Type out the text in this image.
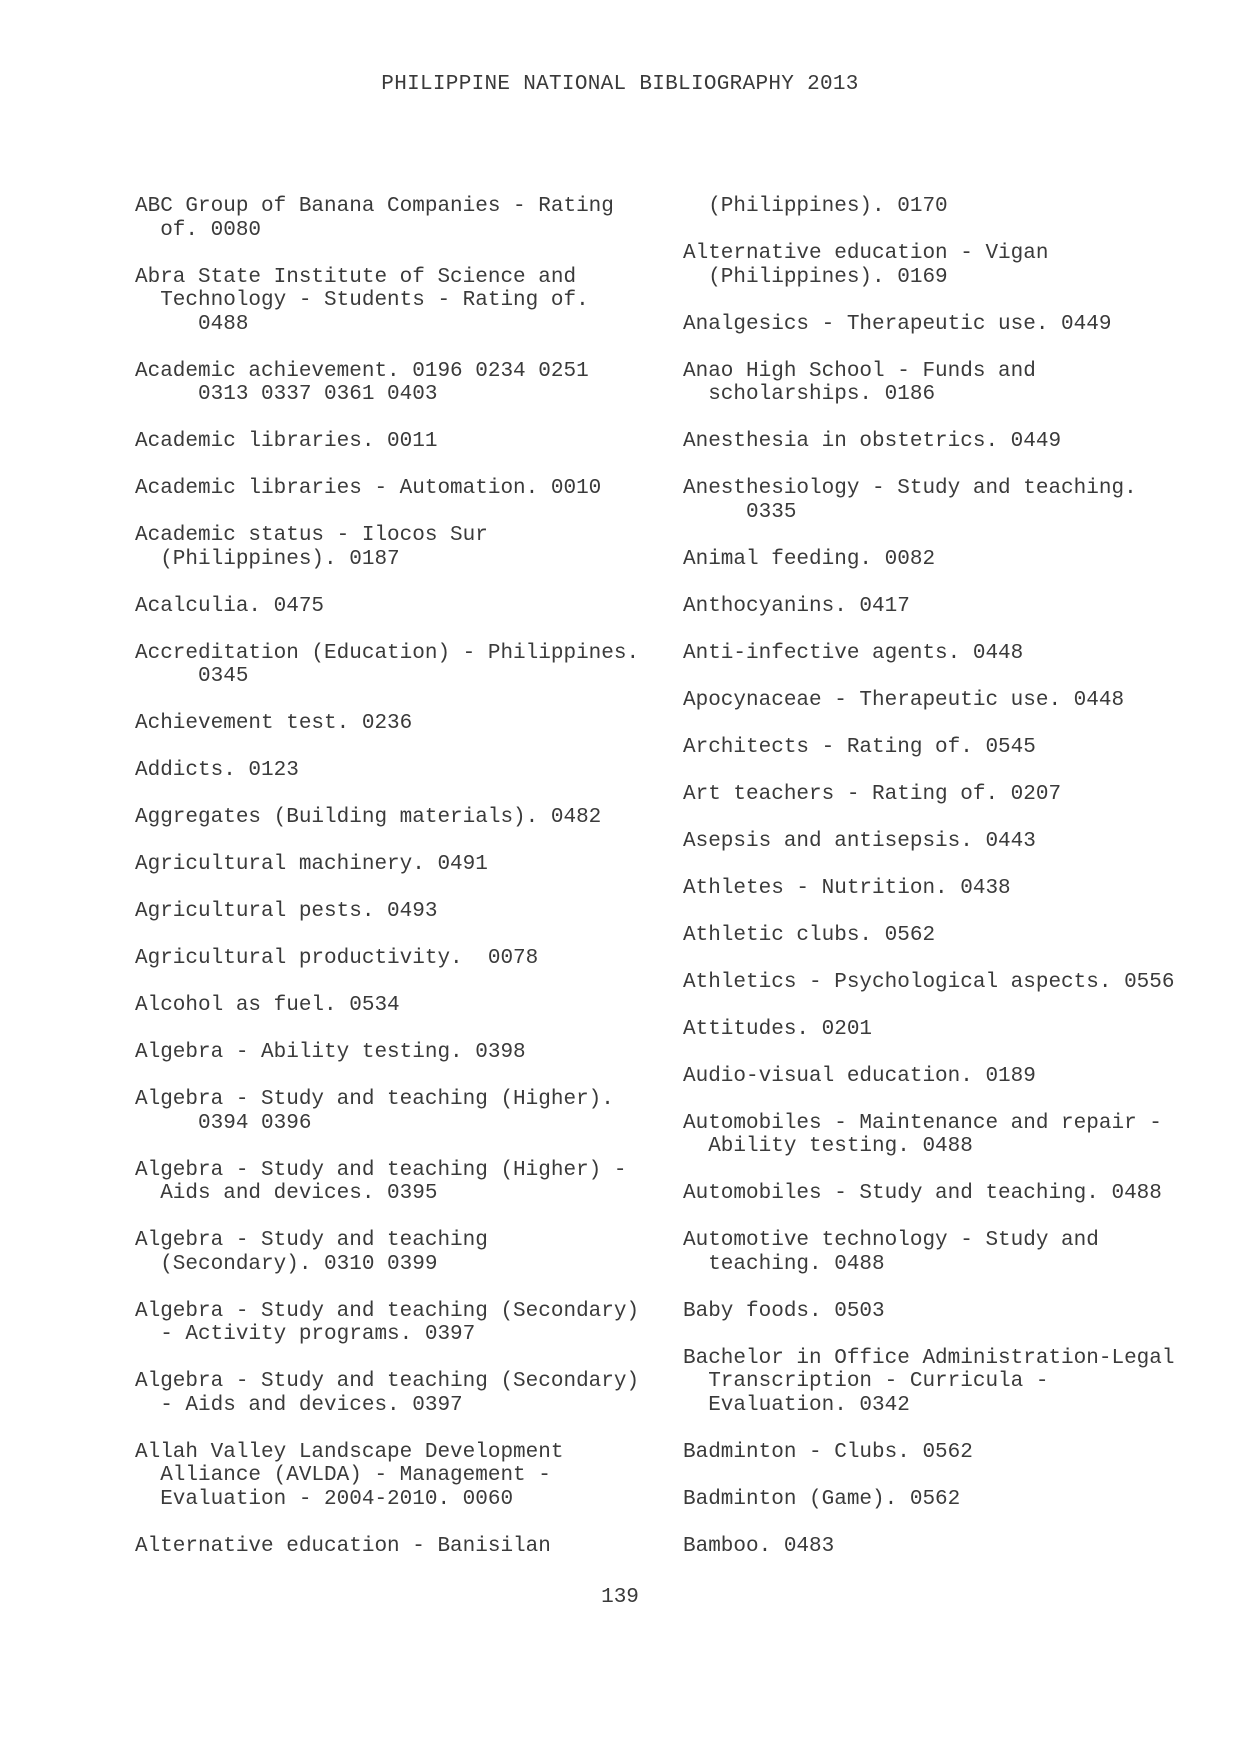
PHILIPPINE NATIONAL BIBLIOGRAPHY 2013
ABC Group of Banana Companies - Rating
of. 0080
Abra State Institute of Science and
Technology - Students - Rating of.
0488
Academic achievement. 0196 0234 0251
0313 0337 0361 0403
Academic libraries. 0011
Academic libraries - Automation. 0010
Academic status - Ilocos Sur
(Philippines). 0187
Acalculia. 0475
Accreditation (Education) - Philippines.
0345
Achievement test. 0236
Addicts. 0123
Aggregates (Building materials). 0482
Agricultural machinery. 0491
Agricultural pests. 0493
Agricultural productivity.  0078
Alcohol as fuel. 0534
Algebra - Ability testing. 0398
Algebra - Study and teaching (Higher).
0394 0396
Algebra - Study and teaching (Higher) -
Aids and devices. 0395
Algebra - Study and teaching
(Secondary). 0310 0399
Algebra - Study and teaching (Secondary)
- Activity programs. 0397
Algebra - Study and teaching (Secondary)
- Aids and devices. 0397
Allah Valley Landscape Development
Alliance (AVLDA) - Management -
Evaluation - 2004-2010. 0060
Alternative education - Banisilan
(Philippines). 0170
Alternative education - Vigan
(Philippines). 0169
Analgesics - Therapeutic use. 0449
Anao High School - Funds and
scholarships. 0186
Anesthesia in obstetrics. 0449
Anesthesiology - Study and teaching.
0335
Animal feeding. 0082
Anthocyanins. 0417
Anti-infective agents. 0448
Apocynaceae - Therapeutic use. 0448
Architects - Rating of. 0545
Art teachers - Rating of. 0207
Asepsis and antisepsis. 0443
Athletes - Nutrition. 0438
Athletic clubs. 0562
Athletics - Psychological aspects. 0556
Attitudes. 0201
Audio-visual education. 0189
Automobiles - Maintenance and repair -
Ability testing. 0488
Automobiles - Study and teaching. 0488
Automotive technology - Study and
teaching. 0488
Baby foods. 0503
Bachelor in Office Administration-Legal
Transcription - Curricula -
Evaluation. 0342
Badminton - Clubs. 0562
Badminton (Game). 0562
Bamboo. 0483
139
